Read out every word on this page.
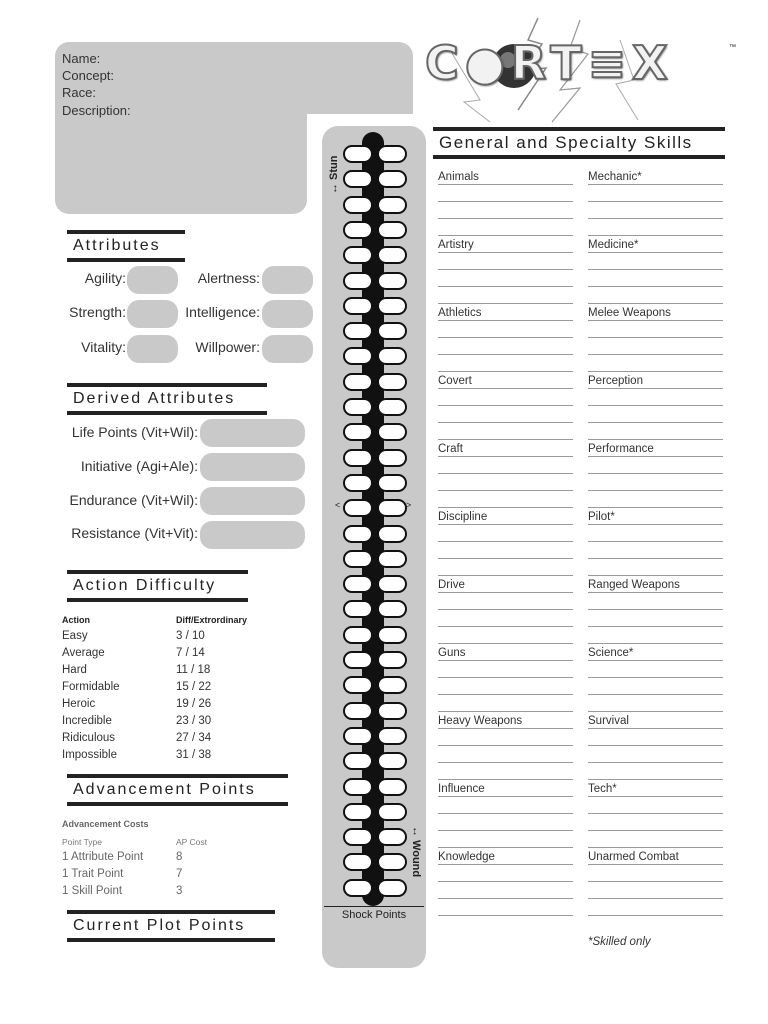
Name:
Concept:
Race:
Description:
C●RT≡X	™
Attributes
Agility:	Alertness:
Strength:	Intelligence:
Vitality:	Willpower:
Derived Attributes
Life Points (Vit+Wil):
Initiative (Agi+Ale):
Endurance (Vit+Wil):
Resistance (Vit+Vit):
Action Difficulty
Action	Diff/Extrordinary
Easy	3 / 10
Average	7 / 14
Hard	11 / 18
Formidable	15 / 22
Heroic	19 / 26
Incredible	23 / 30
Ridiculous	27 / 34
Impossible	31 / 38
Advancement Points
Advancement Costs
Point Type	AP Cost
1 Attribute Point	8
1 Trait Point	7
1 Skill Point	3
Current Plot Points
↔ Stun
↔ Wound
<	>
Shock Points
General and Specialty Skills
Animals
Artistry
Athletics
Covert
Craft
Discipline
Drive
Guns
Heavy Weapons
Influence
Knowledge
Mechanic*
Medicine*
Melee Weapons
Perception
Performance
Pilot*
Ranged Weapons
Science*
Survival
Tech*
Unarmed Combat
*Skilled only
